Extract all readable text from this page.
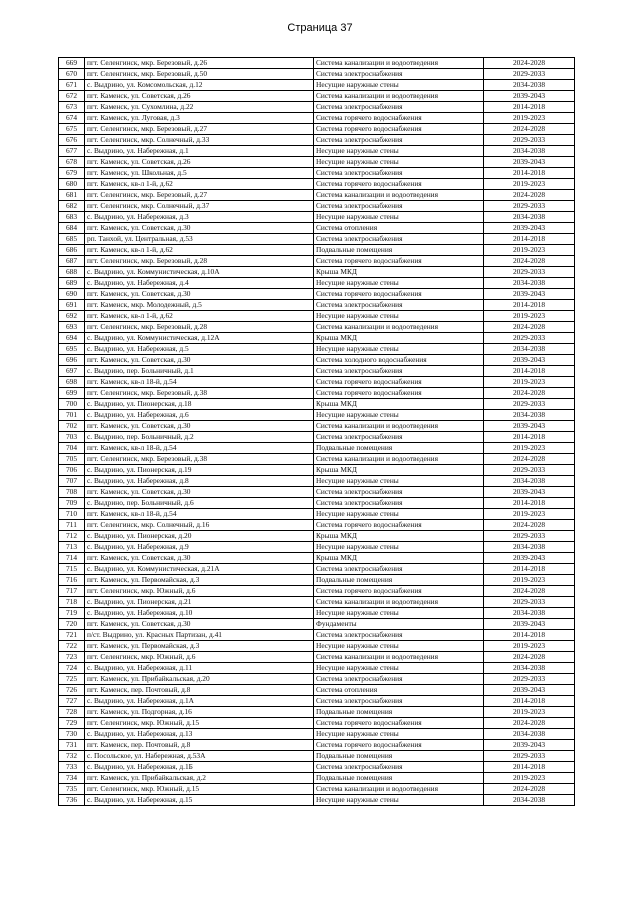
Страница 37
669	пгт. Селенгинск, мкр. Березовый, д.26	Система канализации и водоотведения	2024-2028
670	пгт. Селенгинск, мкр. Березовый, д.50	Система электроснабжения	2029-2033
671	с. Выдрино, ул. Комсомольская, д.12	Несущие наружные стены	2034-2038
672	пгт. Каменск, ул. Советская, д.26	Система канализации и водоотведения	2039-2043
673	пгт. Каменск, ул. Сухомлина, д.22	Система электроснабжения	2014-2018
674	пгт. Каменск, ул. Луговая, д.3	Система горячего водоснабжения	2019-2023
675	пгт. Селенгинск, мкр. Березовый, д.27	Система горячего водоснабжения	2024-2028
676	пгт. Селенгинск, мкр. Солнечный, д.33	Система электроснабжения	2029-2033
677	с. Выдрино, ул. Набережная, д.1	Несущие наружные стены	2034-2038
678	пгт. Каменск, ул. Советская, д.26	Несущие наружные стены	2039-2043
679	пгт. Каменск, ул. Школьная, д.5	Система электроснабжения	2014-2018
680	пгт. Каменск, кв-л 1-й, д.62	Система горячего водоснабжения	2019-2023
681	пгт. Селенгинск, мкр. Березовый, д.27	Система канализации и водоотведения	2024-2028
682	пгт. Селенгинск, мкр. Солнечный, д.37	Система электроснабжения	2029-2033
683	с. Выдрино, ул. Набережная, д.3	Несущие наружные стены	2034-2038
684	пгт. Каменск, ул. Советская, д.30	Система отопления	2039-2043
685	рп. Танхой, ул. Центральная, д.53	Система электроснабжения	2014-2018
686	пгт. Каменск, кв-л 1-й, д.62	Подвальные помещения	2019-2023
687	пгт. Селенгинск, мкр. Березовый, д.28	Система горячего водоснабжения	2024-2028
688	с. Выдрино, ул. Коммунистическая, д.10А	Крыша МКД	2029-2033
689	с. Выдрино, ул. Набережная, д.4	Несущие наружные стены	2034-2038
690	пгт. Каменск, ул. Советская, д.30	Система горячего водоснабжения	2039-2043
691	пгт. Каменск, мкр. Молодежный, д.5	Система электроснабжения	2014-2018
692	пгт. Каменск, кв-л 1-й, д.62	Несущие наружные стены	2019-2023
693	пгт. Селенгинск, мкр. Березовый, д.28	Система канализации и водоотведения	2024-2028
694	с. Выдрино, ул. Коммунистическая, д.12А	Крыша МКД	2029-2033
695	с. Выдрино, ул. Набережная, д.5	Несущие наружные стены	2034-2038
696	пгт. Каменск, ул. Советская, д.30	Система холодного водоснабжения	2039-2043
697	с. Выдрино, пер. Больничный, д.1	Система электроснабжения	2014-2018
698	пгт. Каменск, кв-л 18-й, д.54	Система горячего водоснабжения	2019-2023
699	пгт. Селенгинск, мкр. Березовый, д.38	Система горячего водоснабжения	2024-2028
700	с. Выдрино, ул. Пионерская, д.18	Крыша МКД	2029-2033
701	с. Выдрино, ул. Набережная, д.6	Несущие наружные стены	2034-2038
702	пгт. Каменск, ул. Советская, д.30	Система канализации и водоотведения	2039-2043
703	с. Выдрино, пер. Больничный, д.2	Система электроснабжения	2014-2018
704	пгт. Каменск, кв-л 18-й, д.54	Подвальные помещения	2019-2023
705	пгт. Селенгинск, мкр. Березовый, д.38	Система канализации и водоотведения	2024-2028
706	с. Выдрино, ул. Пионерская, д.19	Крыша МКД	2029-2033
707	с. Выдрино, ул. Набережная, д.8	Несущие наружные стены	2034-2038
708	пгт. Каменск, ул. Советская, д.30	Система электроснабжения	2039-2043
709	с. Выдрино, пер. Больничный, д.6	Система электроснабжения	2014-2018
710	пгт. Каменск, кв-л 18-й, д.54	Несущие наружные стены	2019-2023
711	пгт. Селенгинск, мкр. Солнечный, д.16	Система горячего водоснабжения	2024-2028
712	с. Выдрино, ул. Пионерская, д.20	Крыша МКД	2029-2033
713	с. Выдрино, ул. Набережная, д.9	Несущие наружные стены	2034-2038
714	пгт. Каменск, ул. Советская, д.30	Крыша МКД	2039-2043
715	с. Выдрино, ул. Коммунистическая, д.21А	Система электроснабжения	2014-2018
716	пгт. Каменск, ул. Первомайская, д.3	Подвальные помещения	2019-2023
717	пгт. Селенгинск, мкр. Южный, д.6	Система горячего водоснабжения	2024-2028
718	с. Выдрино, ул. Пионерская, д.21	Система канализации и водоотведения	2029-2033
719	с. Выдрино, ул. Набережная, д.10	Несущие наружные стены	2034-2038
720	пгт. Каменск, ул. Советская, д.30	Фундаменты	2039-2043
721	п/ст. Выдрино, ул. Красных Партизан, д.41	Система электроснабжения	2014-2018
722	пгт. Каменск, ул. Первомайская, д.3	Несущие наружные стены	2019-2023
723	пгт. Селенгинск, мкр. Южный, д.6	Система канализации и водоотведения	2024-2028
724	с. Выдрино, ул. Набережная, д.11	Несущие наружные стены	2034-2038
725	пгт. Каменск, ул. Прибайкальская, д.20	Система электроснабжения	2029-2033
726	пгт. Каменск, пер. Почтовый, д.8	Система отопления	2039-2043
727	с. Выдрино, ул. Набережная, д.1А	Система электроснабжения	2014-2018
728	пгт. Каменск, ул. Подгорная, д.16	Подвальные помещения	2019-2023
729	пгт. Селенгинск, мкр. Южный, д.15	Система горячего водоснабжения	2024-2028
730	с. Выдрино, ул. Набережная, д.13	Несущие наружные стены	2034-2038
731	пгт. Каменск, пер. Почтовый, д.8	Система горячего водоснабжения	2039-2043
732	с. Посольское, ул. Набережная, д.53А	Подвальные помещения	2029-2033
733	с. Выдрино, ул. Набережная, д.1Б	Система электроснабжения	2014-2018
734	пгт. Каменск, ул. Прибайкальская, д.2	Подвальные помещения	2019-2023
735	пгт. Селенгинск, мкр. Южный, д.15	Система канализации и водоотведения	2024-2028
736	с. Выдрино, ул. Набережная, д.15	Несущие наружные стены	2034-2038
